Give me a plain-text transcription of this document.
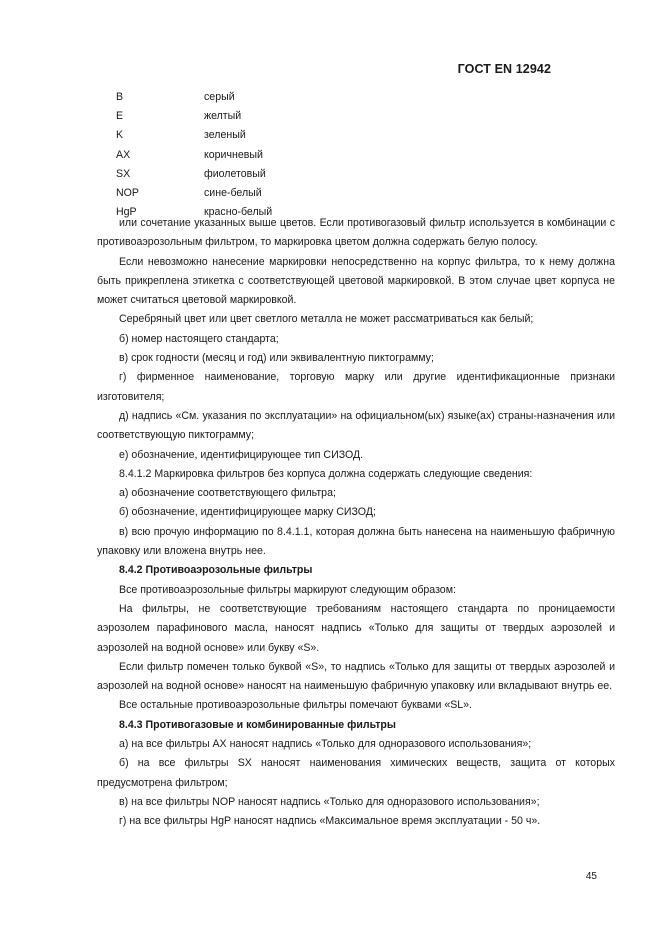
ГОСТ EN 12942
B	серый
E	желтый
K	зеленый
AX	коричневый
SX	фиолетовый
NOP	сине-белый
HgP	красно-белый

или сочетание указанных выше цветов. Если противогазовый фильтр используется в комбинации с противоаэрозольным фильтром, то маркировка цветом должна содержать белую полосу.

Если невозможно нанесение маркировки непосредственно на корпус фильтра, то к нему должна быть прикреплена этикетка с соответствующей цветовой маркировкой. В этом случае цвет корпуса не может считаться цветовой маркировкой.

Серебряный цвет или цвет светлого металла не может рассматриваться как белый;

б) номер настоящего стандарта;

в) срок годности (месяц и год) или эквивалентную пиктограмму;

г) фирменное наименование, торговую марку или другие идентификационные признаки изготовителя;

д) надпись «См. указания по эксплуатации» на официальном(ых) языке(ах) страны-назначения или соответствующую пиктограмму;

е) обозначение, идентифицирующее тип СИЗОД.

8.4.1.2 Маркировка фильтров без корпуса должна содержать следующие сведения:

а) обозначение соответствующего фильтра;

б) обозначение, идентифицирующее марку СИЗОД;

в) всю прочую информацию по 8.4.1.1, которая должна быть нанесена на наименьшую фабричную упаковку или вложена внутрь нее.

8.4.2 Противоаэрозольные фильтры

Все противоаэрозольные фильтры маркируют следующим образом:

На фильтры, не соответствующие требованиям настоящего стандарта по проницаемости аэрозолем парафинового масла, наносят надпись «Только для защиты от твердых аэрозолей и аэрозолей на водной основе» или букву «S».

Если фильтр помечен только буквой «S», то надпись «Только для защиты от твердых аэрозолей и аэрозолей на водной основе» наносят на наименьшую фабричную упаковку или вкладывают внутрь ее.

Все остальные противоаэрозольные фильтры помечают буквами «SL».

8.4.3 Противогазовые и комбинированные фильтры

а) на все фильтры AX наносят надпись «Только для одноразового использования»;

б) на все фильтры SX наносят наименования химических веществ, защита от которых предусмотрена фильтром;

в) на все фильтры NOP наносят надпись «Только для одноразового использования»;

г) на все фильтры HgP наносят надпись «Максимальное время эксплуатации - 50 ч».

45
